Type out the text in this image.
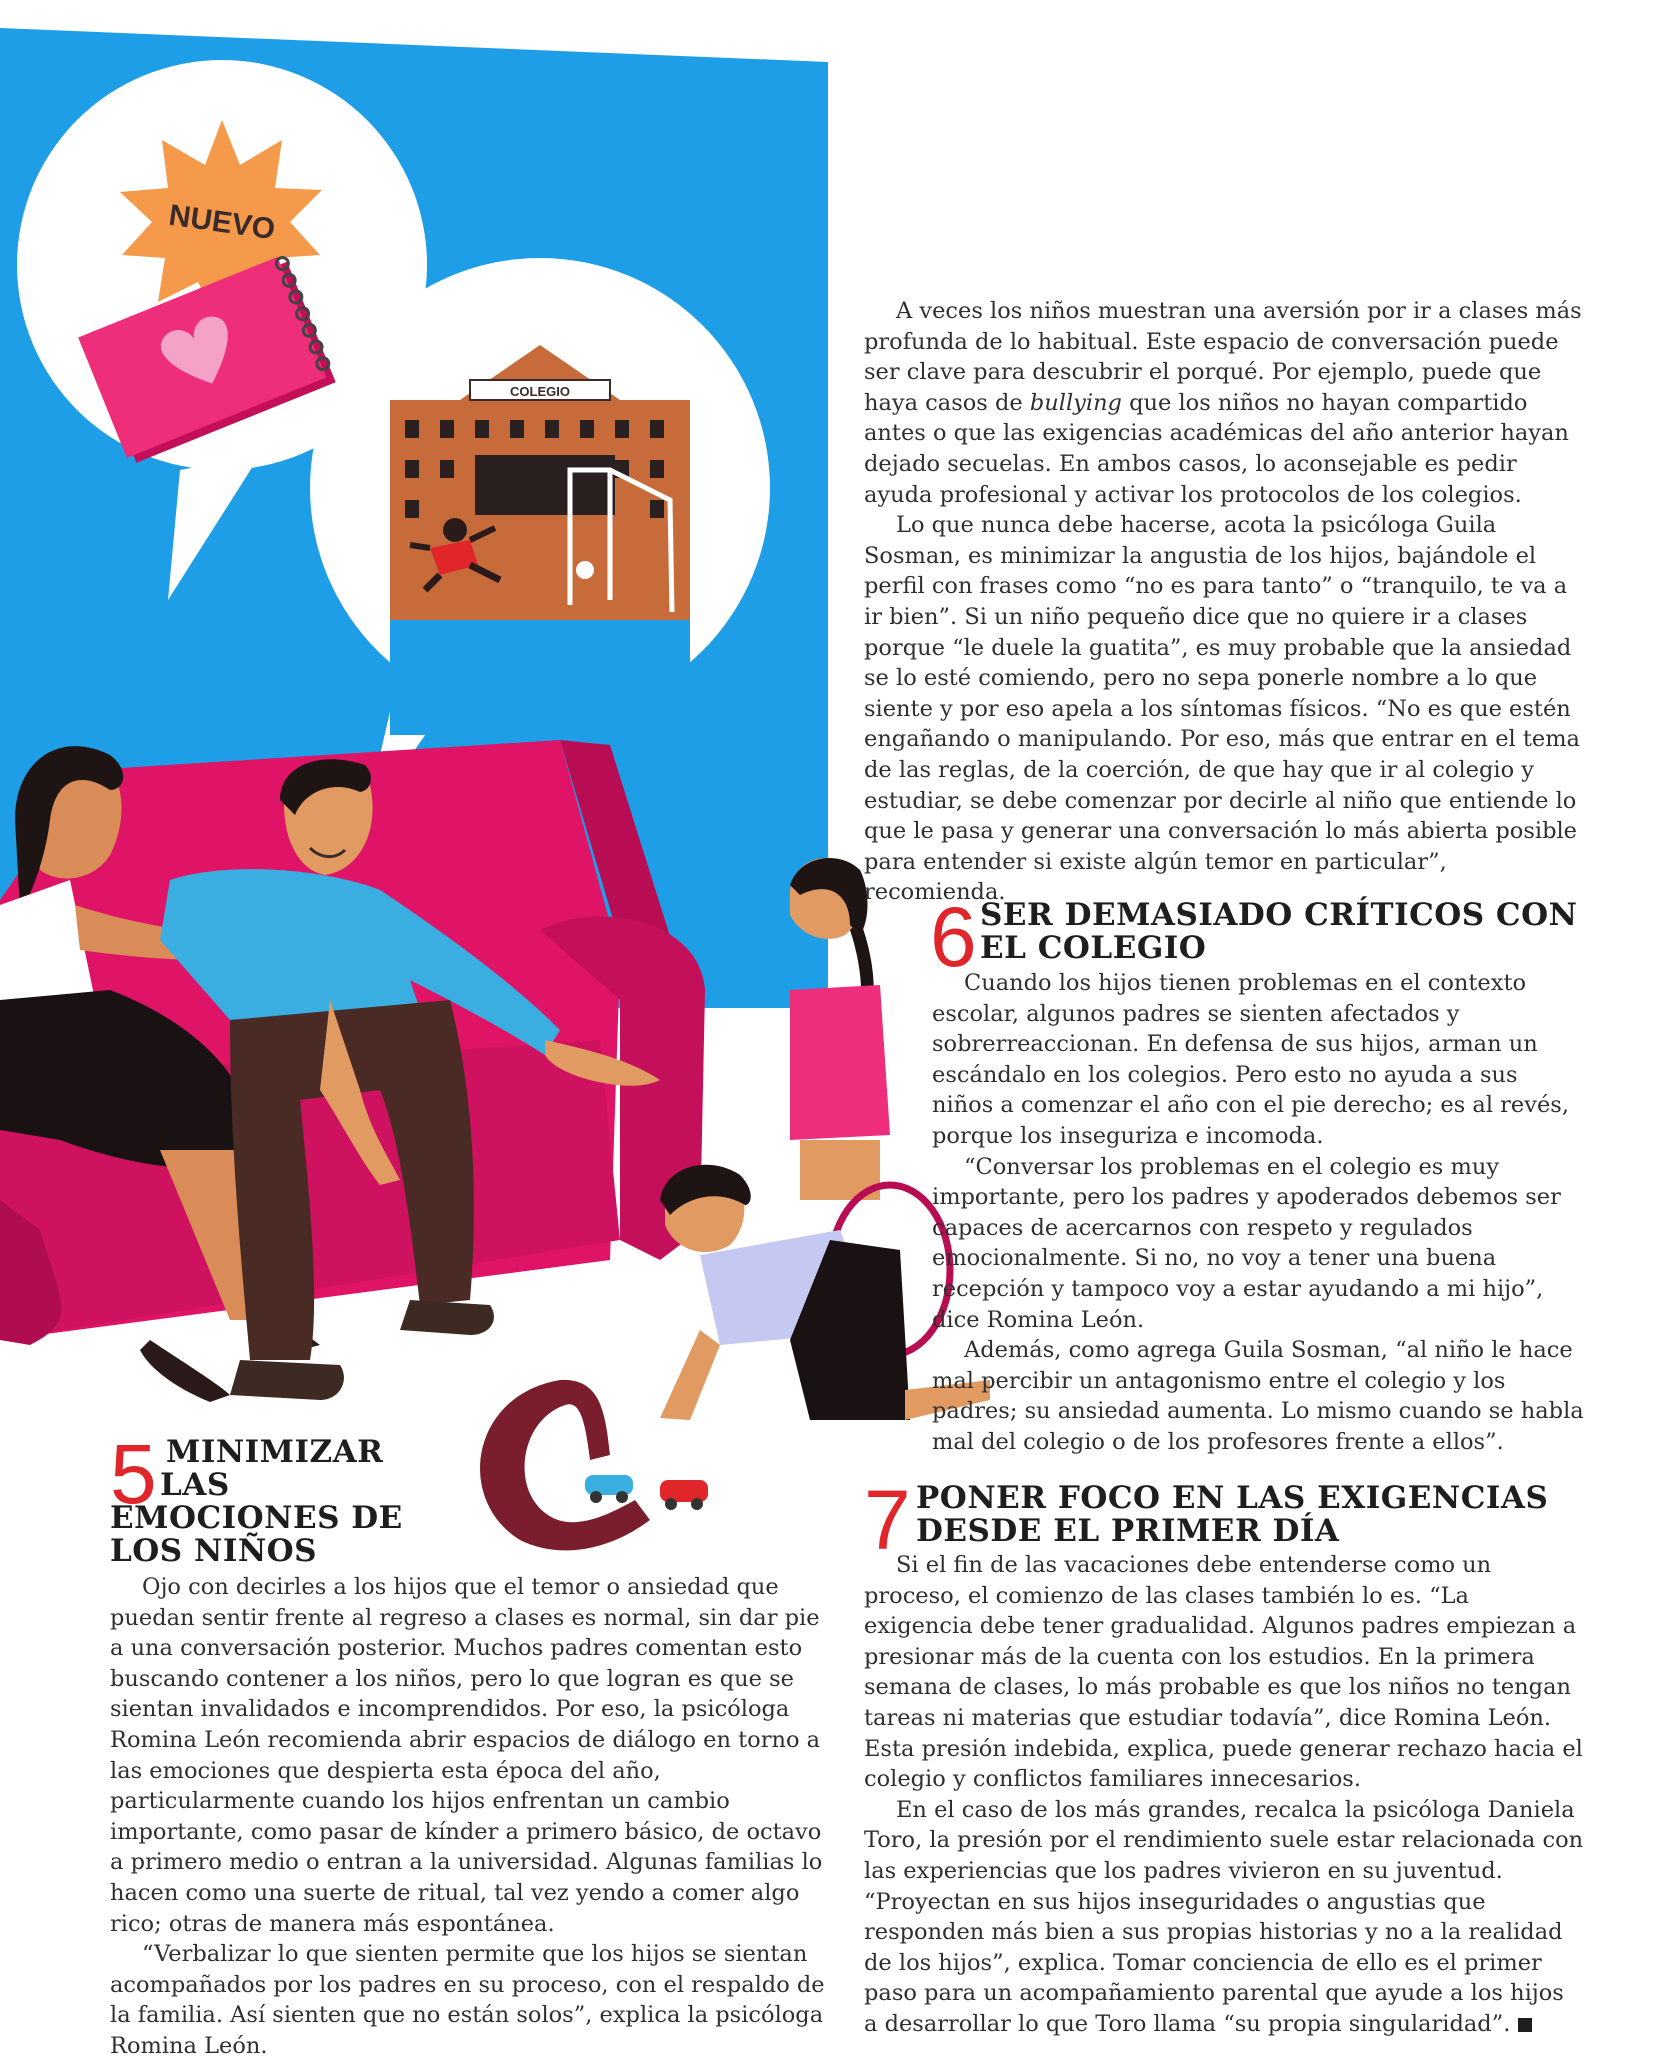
NUEVO
COLEGIO

A veces los niños muestran una aversión por ir a clases más profunda de lo habitual. Este espacio de conversación puede ser clave para descubrir el porqué. Por ejemplo, puede que haya casos de bullying que los niños no hayan compartido antes o que las exigencias académicas del año anterior hayan dejado secuelas. En ambos casos, lo aconsejable es pedir ayuda profesional y activar los protocolos de los colegios.

Lo que nunca debe hacerse, acota la psicóloga Guila Sosman, es minimizar la angustia de los hijos, bajándole el perfil con frases como “no es para tanto” o “tranquilo, te va a ir bien”. Si un niño pequeño dice que no quiere ir a clases porque “le duele la guatita”, es muy probable que la ansiedad se lo esté comiendo, pero no sepa ponerle nombre a lo que siente y por eso apela a los síntomas físicos. “No es que estén engañando o manipulando. Por eso, más que entrar en el tema de las reglas, de la coerción, de que hay que ir al colegio y estudiar, se debe comenzar por decirle al niño que entiende lo que le pasa y generar una conversación lo más abierta posible para entender si existe algún temor en particular”, recomienda.

6 SER DEMASIADO CRÍTICOS CON
EL COLEGIO

Cuando los hijos tienen problemas en el contexto escolar, algunos padres se sienten afectados y sobrerreaccionan. En defensa de sus hijos, arman un escándalo en los colegios. Pero esto no ayuda a sus niños a comenzar el año con el pie derecho; es al revés, porque los inseguriza e incomoda.

“Conversar los problemas en el colegio es muy importante, pero los padres y apoderados debemos ser capaces de acercarnos con respeto y regulados emocionalmente. Si no, no voy a tener una buena recepción y tampoco voy a estar ayudando a mi hijo”, dice Romina León.

Además, como agrega Guila Sosman, “al niño le hace mal percibir un antagonismo entre el colegio y los padres; su ansiedad aumenta. Lo mismo cuando se habla mal del colegio o de los profesores frente a ellos”.

5 MINIMIZAR
LAS
EMOCIONES DE
LOS NIÑOS

Ojo con decirles a los hijos que el temor o ansiedad que puedan sentir frente al regreso a clases es normal, sin dar pie a una conversación posterior. Muchos padres comentan esto buscando contener a los niños, pero lo que logran es que se sientan invalidados e incomprendidos. Por eso, la psicóloga Romina León recomienda abrir espacios de diálogo en torno a las emociones que despierta esta época del año, particularmente cuando los hijos enfrentan un cambio importante, como pasar de kínder a primero básico, de octavo a primero medio o entran a la universidad. Algunas familias lo hacen como una suerte de ritual, tal vez yendo a comer algo rico; otras de manera más espontánea.

“Verbalizar lo que sienten permite que los hijos se sientan acompañados por los padres en su proceso, con el respaldo de la familia. Así sienten que no están solos”, explica la psicóloga Romina León.

7 PONER FOCO EN LAS EXIGENCIAS
DESDE EL PRIMER DÍA

Si el fin de las vacaciones debe entenderse como un proceso, el comienzo de las clases también lo es. “La exigencia debe tener gradualidad. Algunos padres empiezan a presionar más de la cuenta con los estudios. En la primera semana de clases, lo más probable es que los niños no tengan tareas ni materias que estudiar todavía”, dice Romina León. Esta presión indebida, explica, puede generar rechazo hacia el colegio y conflictos familiares innecesarios.

En el caso de los más grandes, recalca la psicóloga Daniela Toro, la presión por el rendimiento suele estar relacionada con las experiencias que los padres vivieron en su juventud. “Proyectan en sus hijos inseguridades o angustias que responden más bien a sus propias historias y no a la realidad de los hijos”, explica. Tomar conciencia de ello es el primer paso para un acompañamiento parental que ayude a los hijos a desarrollar lo que Toro llama “su propia singularidad”.
